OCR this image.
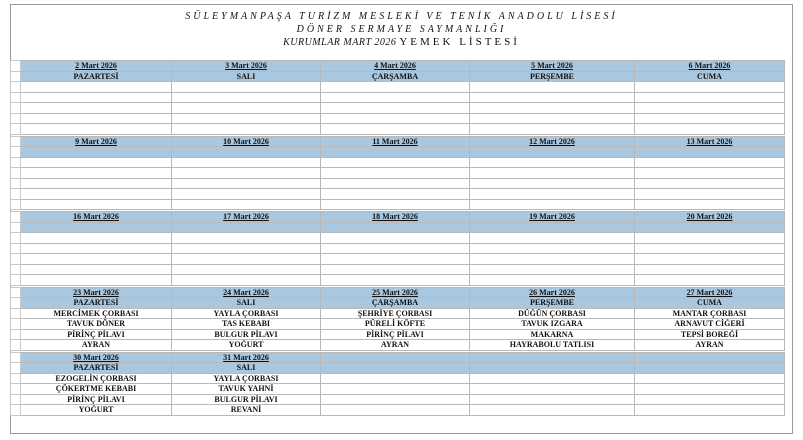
SÜLEYMANPAŞA TURİZM MESLEKİ VE TENİK ANADOLU LİSESİ
DÖNER SERMAYE SAYMANLIĞI
KURUMLAR MART 2026 YEMEK LİSTESİ
	2 Mart 2026	3 Mart 2026	4 Mart 2026	5 Mart 2026	6 Mart 2026
	PAZARTESİ	SALI	ÇARŞAMBA	PERŞEMBE	CUMA

	9 Mart 2026	10 Mart 2026	11 Mart 2026	12 Mart 2026	13 Mart 2026

	16 Mart 2026	17 Mart 2026	18 Mart 2026	19 Mart 2026	20 Mart 2026

	23 Mart 2026	24 Mart 2026	25 Mart 2026	26 Mart 2026	27 Mart 2026
	PAZARTESİ	SALI	ÇARŞAMBA	PERŞEMBE	CUMA
	MERCİMEK ÇORBASI	YAYLA ÇORBASI	ŞEHRİYE ÇORBASI	DÜĞÜN ÇORBASI	MANTAR ÇORBASI
	TAVUK DÖNER	TAS KEBABI	PÜRELİ KÖFTE	TAVUK IZGARA	ARNAVUT CİĞERİ
	PİRİNÇ PİLAVI	BULGUR PİLAVI	PİRİNÇ PİLAVI	MAKARNA	TEPSİ BOREĞİ
	AYRAN	YOĞURT	AYRAN	HAYRABOLU TATLISI	AYRAN

	30 Mart 2026	31 Mart 2026			
	PAZARTESİ	SALI			
	EZOGELİN ÇORBASI	YAYLA ÇORBASI			
	ÇÖKERTME KEBABI	TAVUK YAHNİ			
	PİRİNÇ PİLAVI	BULGUR PİLAVI			
	YOĞURT	REVANİ			
